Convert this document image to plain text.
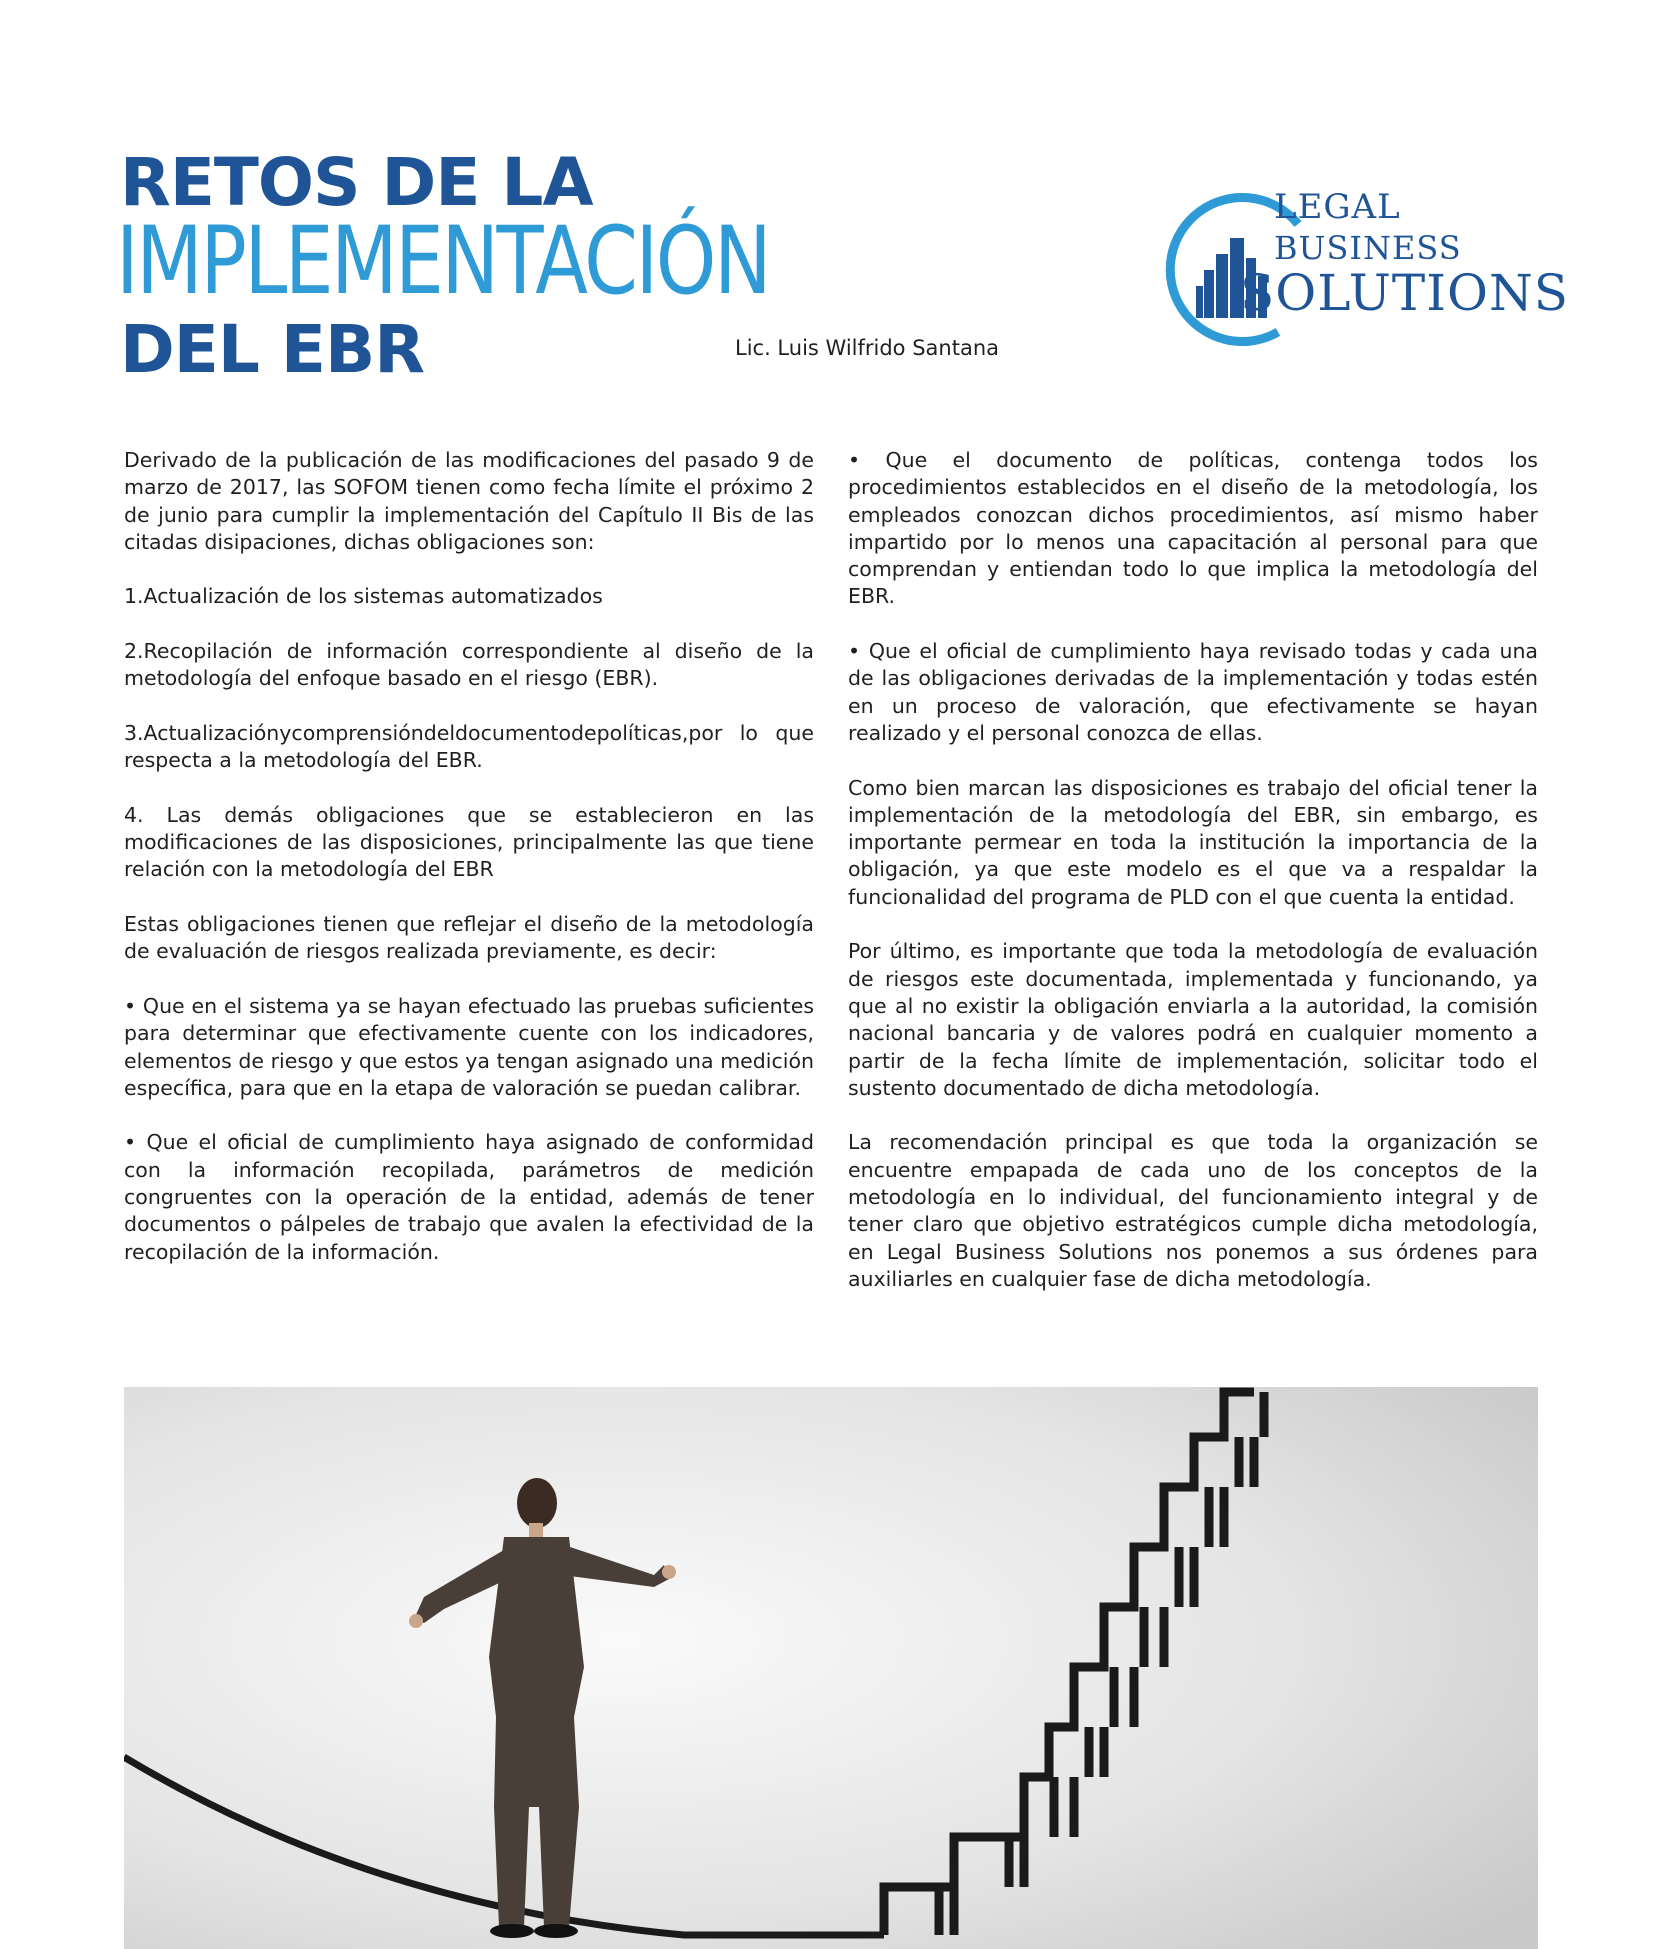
RETOS DE LA
IMPLEMENTACIÓN
DEL EBR	Lic. Luis Wilfrido Santana
LEGAL
BUSINESS
SOLUTIONS

Derivado de la publicación de las modificaciones del pasado 9 de marzo de 2017, las SOFOM tienen como fecha límite el próximo 2 de junio para cumplir la implementación del Capítulo II Bis de las citadas disipaciones, dichas obligaciones son:

1.Actualización de los sistemas automatizados

2.Recopilación de información correspondiente al diseño de la metodología del enfoque basado en el riesgo (EBR).

3.Actualizaciónycomprensióndeldocumentodepolíticas,por lo que respecta a la metodología del EBR.

4. Las demás obligaciones que se establecieron en las modificaciones de las disposiciones, principalmente las que tiene relación con la metodología del EBR

Estas obligaciones tienen que reflejar el diseño de la metodología de evaluación de riesgos realizada previamente, es decir:

• Que en el sistema ya se hayan efectuado las pruebas suficientes para determinar que efectivamente cuente con los indicadores, elementos de riesgo y que estos ya tengan asignado una medición específica, para que en la etapa de valoración se puedan calibrar.

• Que el oficial de cumplimiento haya asignado de conformidad con la información recopilada, parámetros de medición congruentes con la operación de la entidad, además de tener documentos o pálpeles de trabajo que avalen la efectividad de la recopilación de la información.

• Que el documento de políticas, contenga todos los procedimientos establecidos en el diseño de la metodología, los empleados conozcan dichos procedimientos, así mismo haber impartido por lo menos una capacitación al personal para que comprendan y entiendan todo lo que implica la metodología del EBR.

• Que el oficial de cumplimiento haya revisado todas y cada una de las obligaciones derivadas de la implementación y todas estén en un proceso de valoración, que efectivamente se hayan realizado y el personal conozca de ellas.

Como bien marcan las disposiciones es trabajo del oficial tener la implementación de la metodología del EBR, sin embargo, es importante permear en toda la institución la importancia de la obligación, ya que este modelo es el que va a respaldar la funcionalidad del programa de PLD con el que cuenta la entidad.

Por último, es importante que toda la metodología de evaluación de riesgos este documentada, implementada y funcionando, ya que al no existir la obligación enviarla a la autoridad, la comisión nacional bancaria y de valores podrá en cualquier momento a partir de la fecha límite de implementación, solicitar todo el sustento documentado de dicha metodología.

La recomendación principal es que toda la organización se encuentre empapada de cada uno de los conceptos de la metodología en lo individual, del funcionamiento integral y de tener claro que objetivo estratégicos cumple dicha metodología, en Legal Business Solutions nos ponemos a sus órdenes para auxiliarles en cualquier fase de dicha metodología.
